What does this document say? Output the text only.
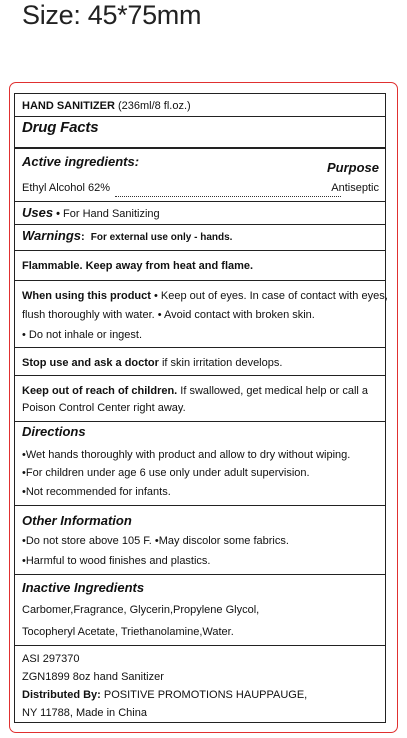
Size: 45*75mm
HAND SANITIZER (236ml/8 fl.oz.)
Drug Facts
Active ingredients:	Purpose
Ethyl Alcohol 62%	Antiseptic
Uses • For Hand Sanitizing
Warnings: For external use only - hands.
Flammable. Keep away from heat and flame.
When using this product • Keep out of eyes. In case of contact with eyes,
flush thoroughly with water. • Avoid contact with broken skin.
• Do not inhale or ingest.
Stop use and ask a doctor if skin irritation develops.
Keep out of reach of children. If swallowed, get medical help or call a
Poison Control Center right away.
Directions
•Wet hands thoroughly with product and allow to dry without wiping.
•For children under age 6 use only under adult supervision.
•Not recommended for infants.
Other Information
•Do not store above 105 F. •May discolor some fabrics.
•Harmful to wood finishes and plastics.
Inactive Ingredients
Carbomer,Fragrance, Glycerin,Propylene Glycol,
Tocopheryl Acetate, Triethanolamine,Water.
ASI 297370
ZGN1899 8oz hand Sanitizer
Distributed By: POSITIVE PROMOTIONS HAUPPAUGE,
NY 11788, Made in China
